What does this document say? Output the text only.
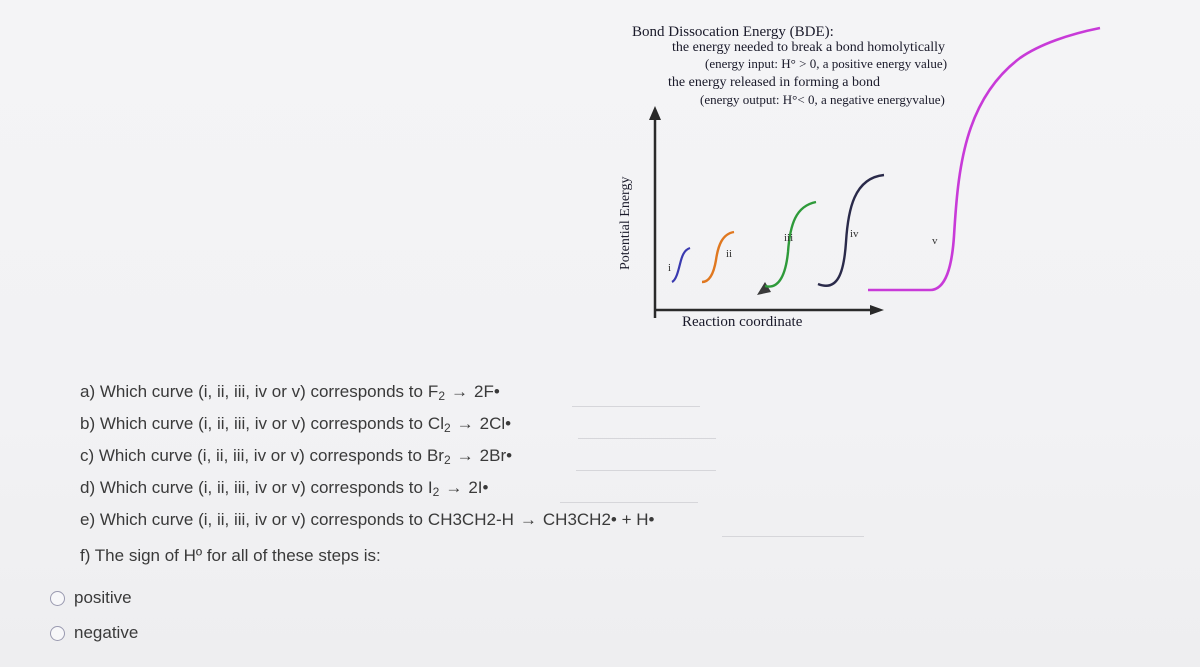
Bond Dissocation Energy (BDE):
the energy needed to break a bond homolytically
(energy input: H° > 0, a positive energy value)
the energy released in forming a bond
(energy output: H°< 0, a negative energyvalue)
Potential Energy
Reaction coordinate
i
ii
iii	iv
v
a) Which curve (i, ii, iii, iv or v) corresponds to $F_2$ → 2F•
b) Which curve (i, ii, iii, iv or v) corresponds to $Cl_2$ → 2Cl•
c) Which curve (i, ii, iii, iv or v) corresponds to $Br_2$ → 2Br•
d) Which curve (i, ii, iii, iv or v) corresponds to $I_2$ → 2I•
e) Which curve (i, ii, iii, iv or v) corresponds to CH3CH2-H → CH3CH2• + H•
f) The sign of Hº for all of these steps is:
positive
negative
